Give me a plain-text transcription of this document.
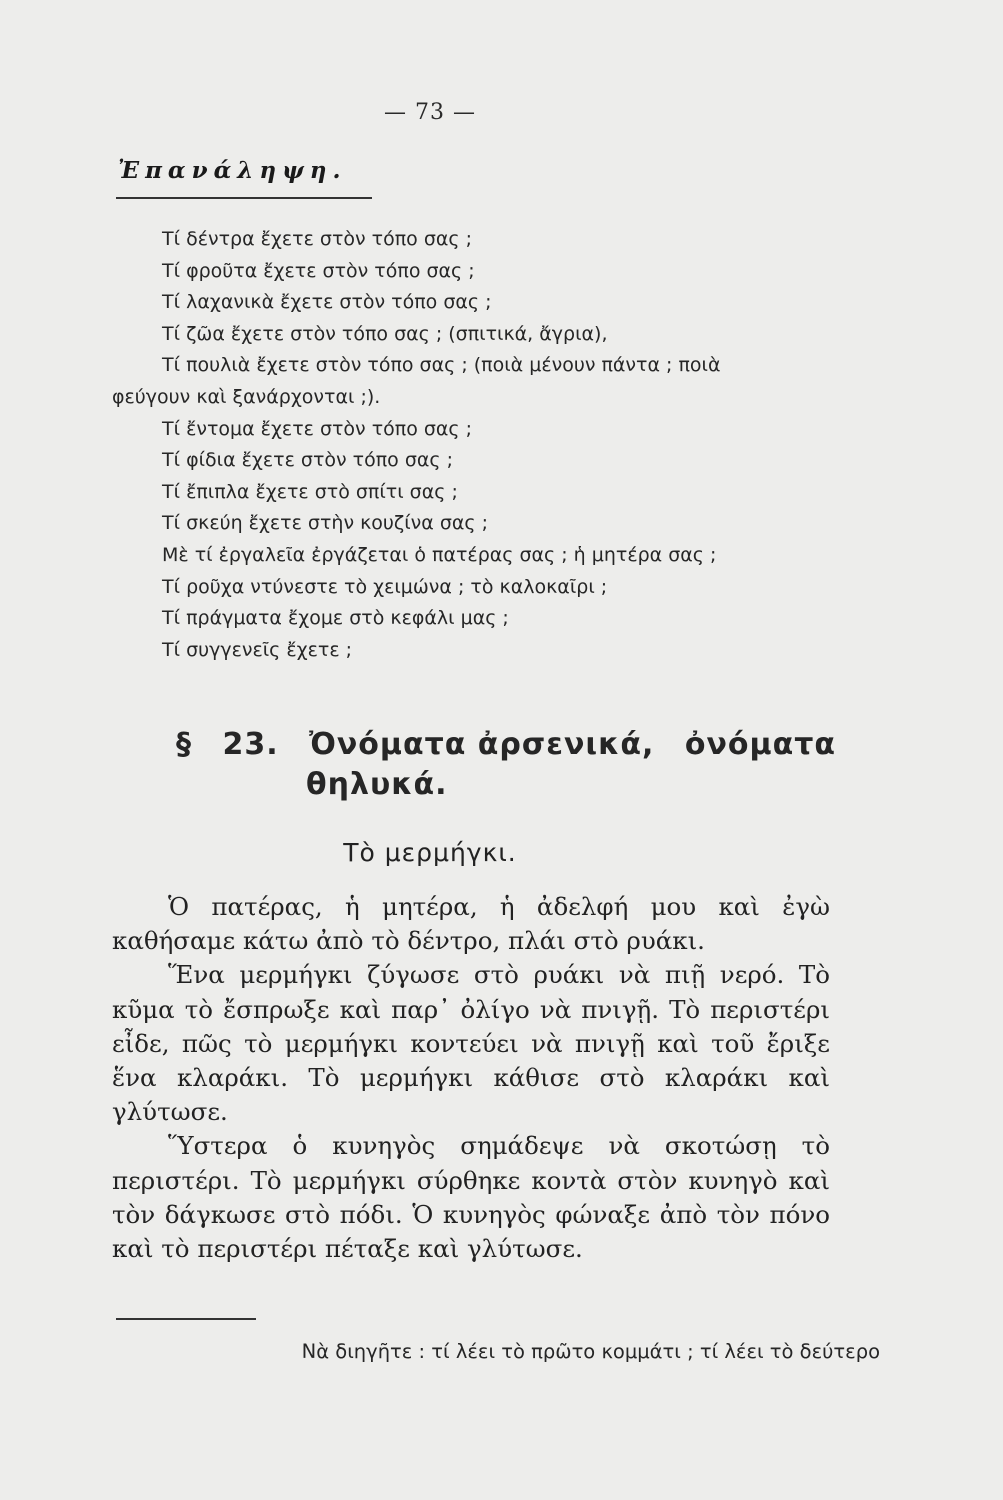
— 73 —
Ἐπανάληψη.
Τί δέντρα ἔχετε στὸν τόπο σας ;
Τί φροῦτα ἔχετε στὸν τόπο σας ;
Τί λαχανικὰ ἔχετε στὸν τόπο σας ;
Τί ζῶα ἔχετε στὸν τόπο σας ; (σπιτικά, ἄγρια),
Τί πουλιὰ ἔχετε στὸν τόπο σας ; (ποιὰ μένουν πάντα ; ποιὰ
φεύγουν καὶ ξανάρχονται ;).
Τί ἔντομα ἔχετε στὸν τόπο σας ;
Τί φίδια ἔχετε στὸν τόπο σας ;
Τί ἔπιπλα ἔχετε στὸ σπίτι σας ;
Τί σκεύη ἔχετε στὴν κουζίνα σας ;
Μὲ τί ἐργαλεῖα ἐργάζεται ὁ πατέρας σας ; ἡ μητέρα σας ;
Τί ροῦχα ντύνεστε τὸ χειμώνα ; τὸ καλοκαῖρι ;
Τί πράγματα ἔχομε στὸ κεφάλι μας ;
Τί συγγενεῖς ἔχετε ;
§ 23. Ὀνόματα ἀρσενικά, ὀνόματα
θηλυκά.
Τὸ μερμήγκι.

Ὁ πατέρας, ἡ μητέρα, ἡ ἀδελφή μου καὶ ἐγὼ καθήσαμε κάτω ἀπὸ τὸ δέντρο, πλάι στὸ ρυάκι.

Ἕνα μερμήγκι ζύγωσε στὸ ρυάκι νὰ πιῇ νερό. Τὸ κῦμα τὸ ἔσπρωξε καὶ παρ᾽ ὀλίγο νὰ πνιγῇ. Τὸ περιστέρι εἶδε, πῶς τὸ μερμήγκι κοντεύει νὰ πνιγῇ καὶ τοῦ ἔριξε ἕνα κλαράκι. Τὸ μερμήγκι κάθισε στὸ κλαράκι καὶ γλύτωσε.

Ὕστερα ὁ κυνηγὸς σημάδεψε νὰ σκοτώσῃ τὸ περιστέρι. Τὸ μερμήγκι σύρθηκε κοντὰ στὸν κυνηγὸ καὶ τὸν δάγκωσε στὸ πόδι. Ὁ κυνηγὸς φώναξε ἀπὸ τὸν πόνο καὶ τὸ περιστέρι πέταξε καὶ γλύτωσε.

Νὰ διηγῆτε : τί λέει τὸ πρῶτο κομμάτι ; τί λέει τὸ δεύτερο
